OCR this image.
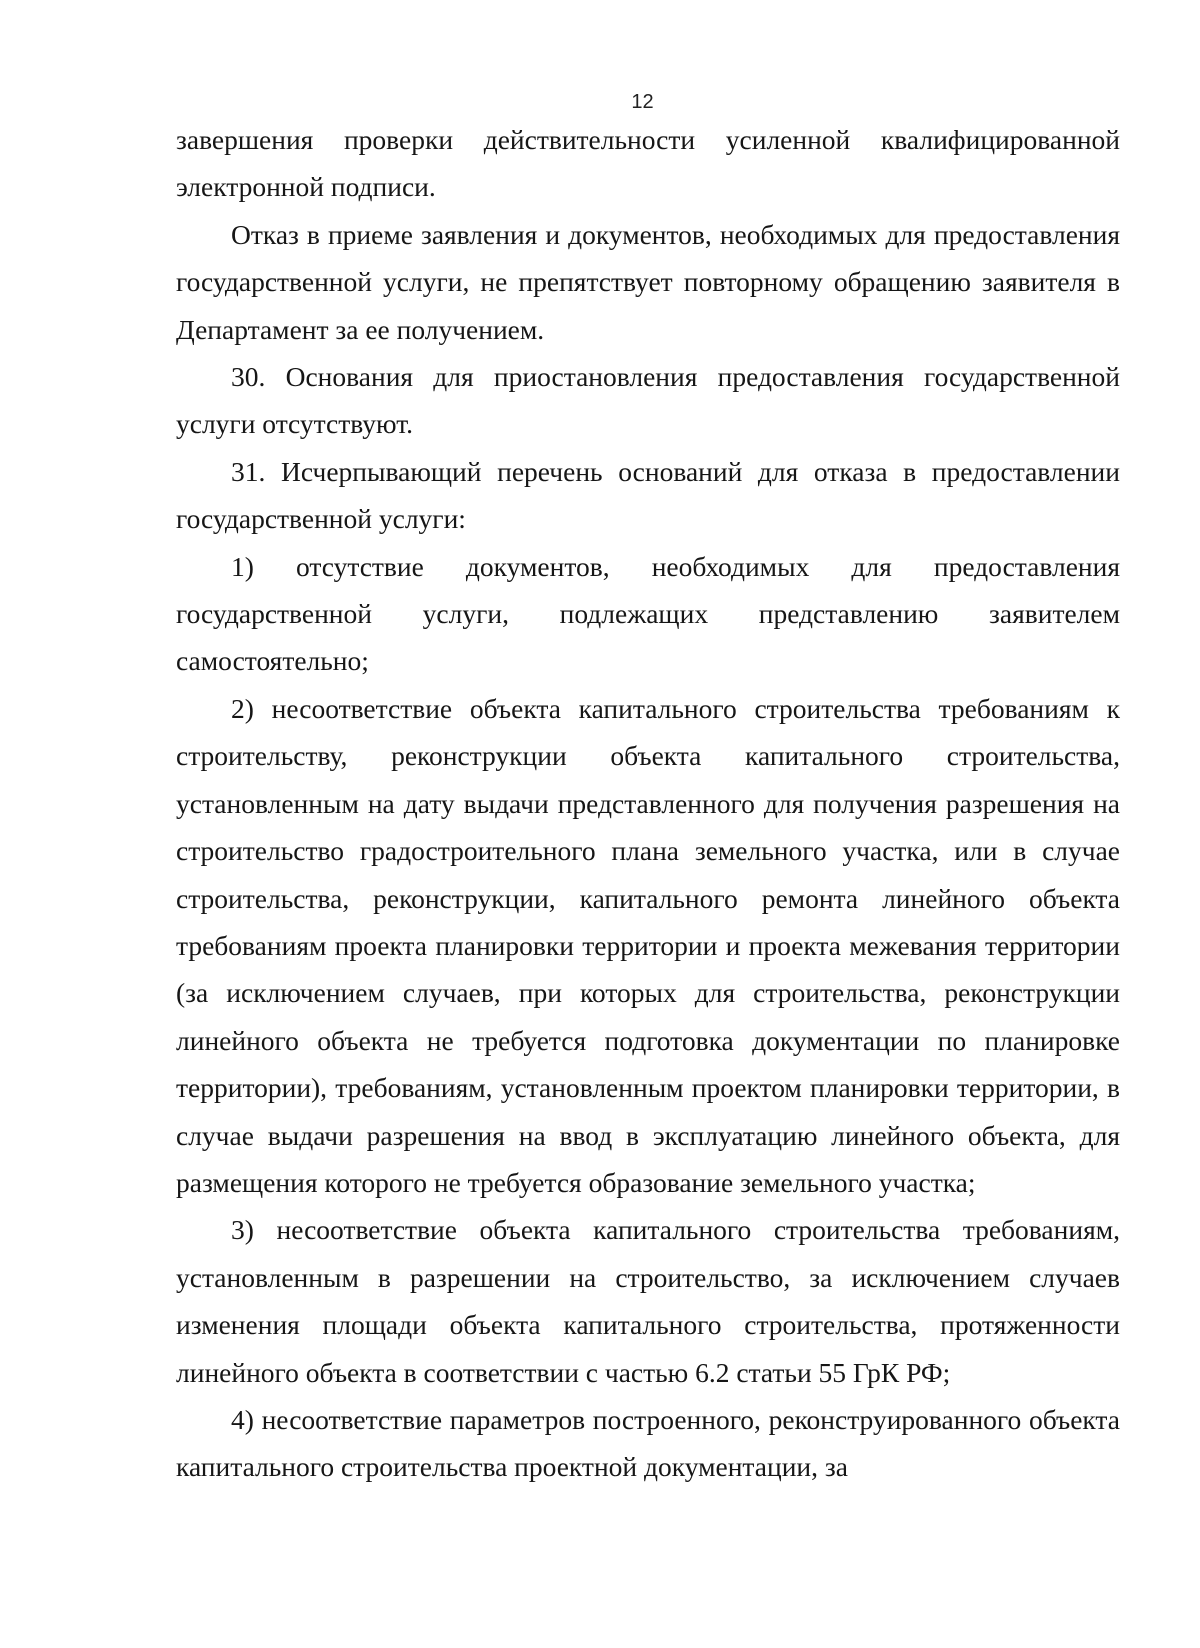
12

завершения проверки действительности усиленной квалифицированной электронной подписи.

Отказ в приеме заявления и документов, необходимых для предоставления государственной услуги, не препятствует повторному обращению заявителя в Департамент за ее получением.

30. Основания для приостановления предоставления государственной услуги отсутствуют.

31. Исчерпывающий перечень оснований для отказа в предоставлении государственной услуги:

1) отсутствие документов, необходимых для предоставления государственной услуги, подлежащих представлению заявителем самостоятельно;

2) несоответствие объекта капитального строительства требованиям к строительству, реконструкции объекта капитального строительства, установленным на дату выдачи представленного для получения разрешения на строительство градостроительного плана земельного участка, или в случае строительства, реконструкции, капитального ремонта линейного объекта требованиям проекта планировки территории и проекта межевания территории (за исключением случаев, при которых для строительства, реконструкции линейного объекта не требуется подготовка документации по планировке территории), требованиям, установленным проектом планировки территории, в случае выдачи разрешения на ввод в эксплуатацию линейного объекта, для размещения которого не требуется образование земельного участка;

3) несоответствие объекта капитального строительства требованиям, установленным в разрешении на строительство, за исключением случаев изменения площади объекта капитального строительства, протяженности линейного объекта в соответствии с частью 6.2 статьи 55 ГрК РФ;

4) несоответствие параметров построенного, реконструированного объекта капитального строительства проектной документации, за
